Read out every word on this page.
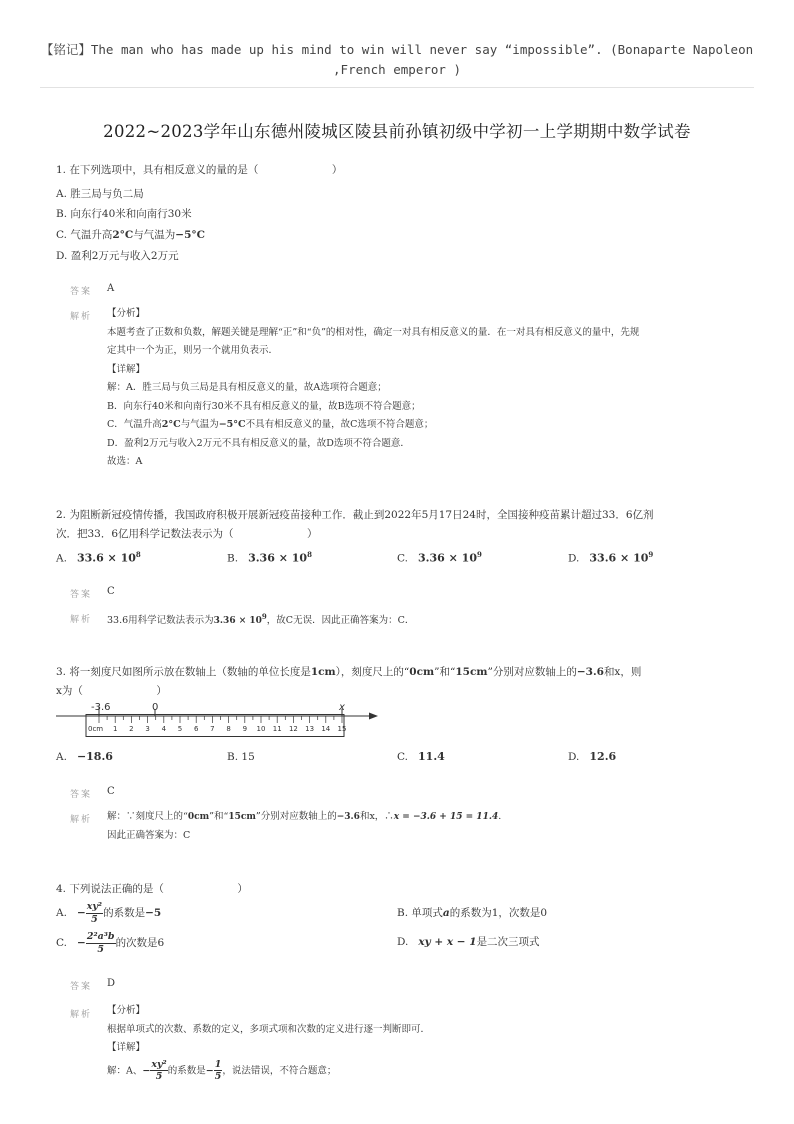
【铭记】The man who has made up his mind to win will never say “impossible”. (Bonaparte Napoleon
,French emperor )
2022~2023学年山东德州陵城区陵县前孙镇初级中学初一上学期期中数学试卷
1. 在下列选项中，具有相反意义的量的是（　　　　　　　）
A. 胜三局与负二局
B. 向东行40米和向南行30米
C. 气温升高2°C与气温为−5°C
D. 盈利2万元与收入2万元
答案 A
解析 【分析】
本题考查了正数和负数，解题关键是理解“正”和“负”的相对性，确定一对具有相反意义的量．在一对具有相反意义的量中，先规
定其中一个为正，则另一个就用负表示．
【详解】
解：A．胜三局与负三局是具有相反意义的量，故A选项符合题意；
B．向东行40米和向南行30米不具有相反意义的量，故B选项不符合题意；
C．气温升高2°C与气温为−5°C不具有相反意义的量，故C选项不符合题意；
D．盈利2万元与收入2万元不具有相反意义的量，故D选项不符合题意．
故选：A
2. 为阻断新冠疫情传播，我国政府积极开展新冠疫苗接种工作．截止到2022年5月17日24时，全国接种疫苗累计超过33．6亿剂
次．把33．6亿用科学记数法表示为（　　　　　　　）
A. $33.6 \times 10^8$	B. $3.36 \times 10^8$	C. $3.36 \times 10^9$	D. $33.6 \times 10^9$
答案 C
解析 33.6用科学记数法表示为$3.36 \times 10^9$，故C无误．因此正确答案为：C．
3. 将一刻度尺如图所示放在数轴上（数轴的单位长度是1cm），刻度尺上的“0cm”和“15cm”分别对应数轴上的−3.6和x，则
x为（　　　　　　　）
-3.6	0	x
0cm 1 2 3 4 5 6 7 8 9 10 11 12 13 14 15
A. −18.6	B. 15	C. 11.4	D. 12.6
答案 C
解析 解：∵刻度尺上的“0cm”和“15cm”分别对应数轴上的−3.6和x，∴x = −3.6 + 15 = 11.4.
因此正确答案为：C
4. 下列说法正确的是（　　　　　　　）
A. − $\frac{\text{xy²}}{5}$ 的系数是−5	B. 单项式a的系数为1，次数是0
C. − $\frac{\text{2²a³b}}{5}$ 的次数是6	D. xy + x − 1是二次三项式
答案 D
解析 【分析】
根据单项式的次数、系数的定义，多项式项和次数的定义进行逐一判断即可．
【详解】
解：A、− $\frac{\text{xy²}}{5}$ 的系数是− $\frac{1}{5}$ ，说法错误，不符合题意；
